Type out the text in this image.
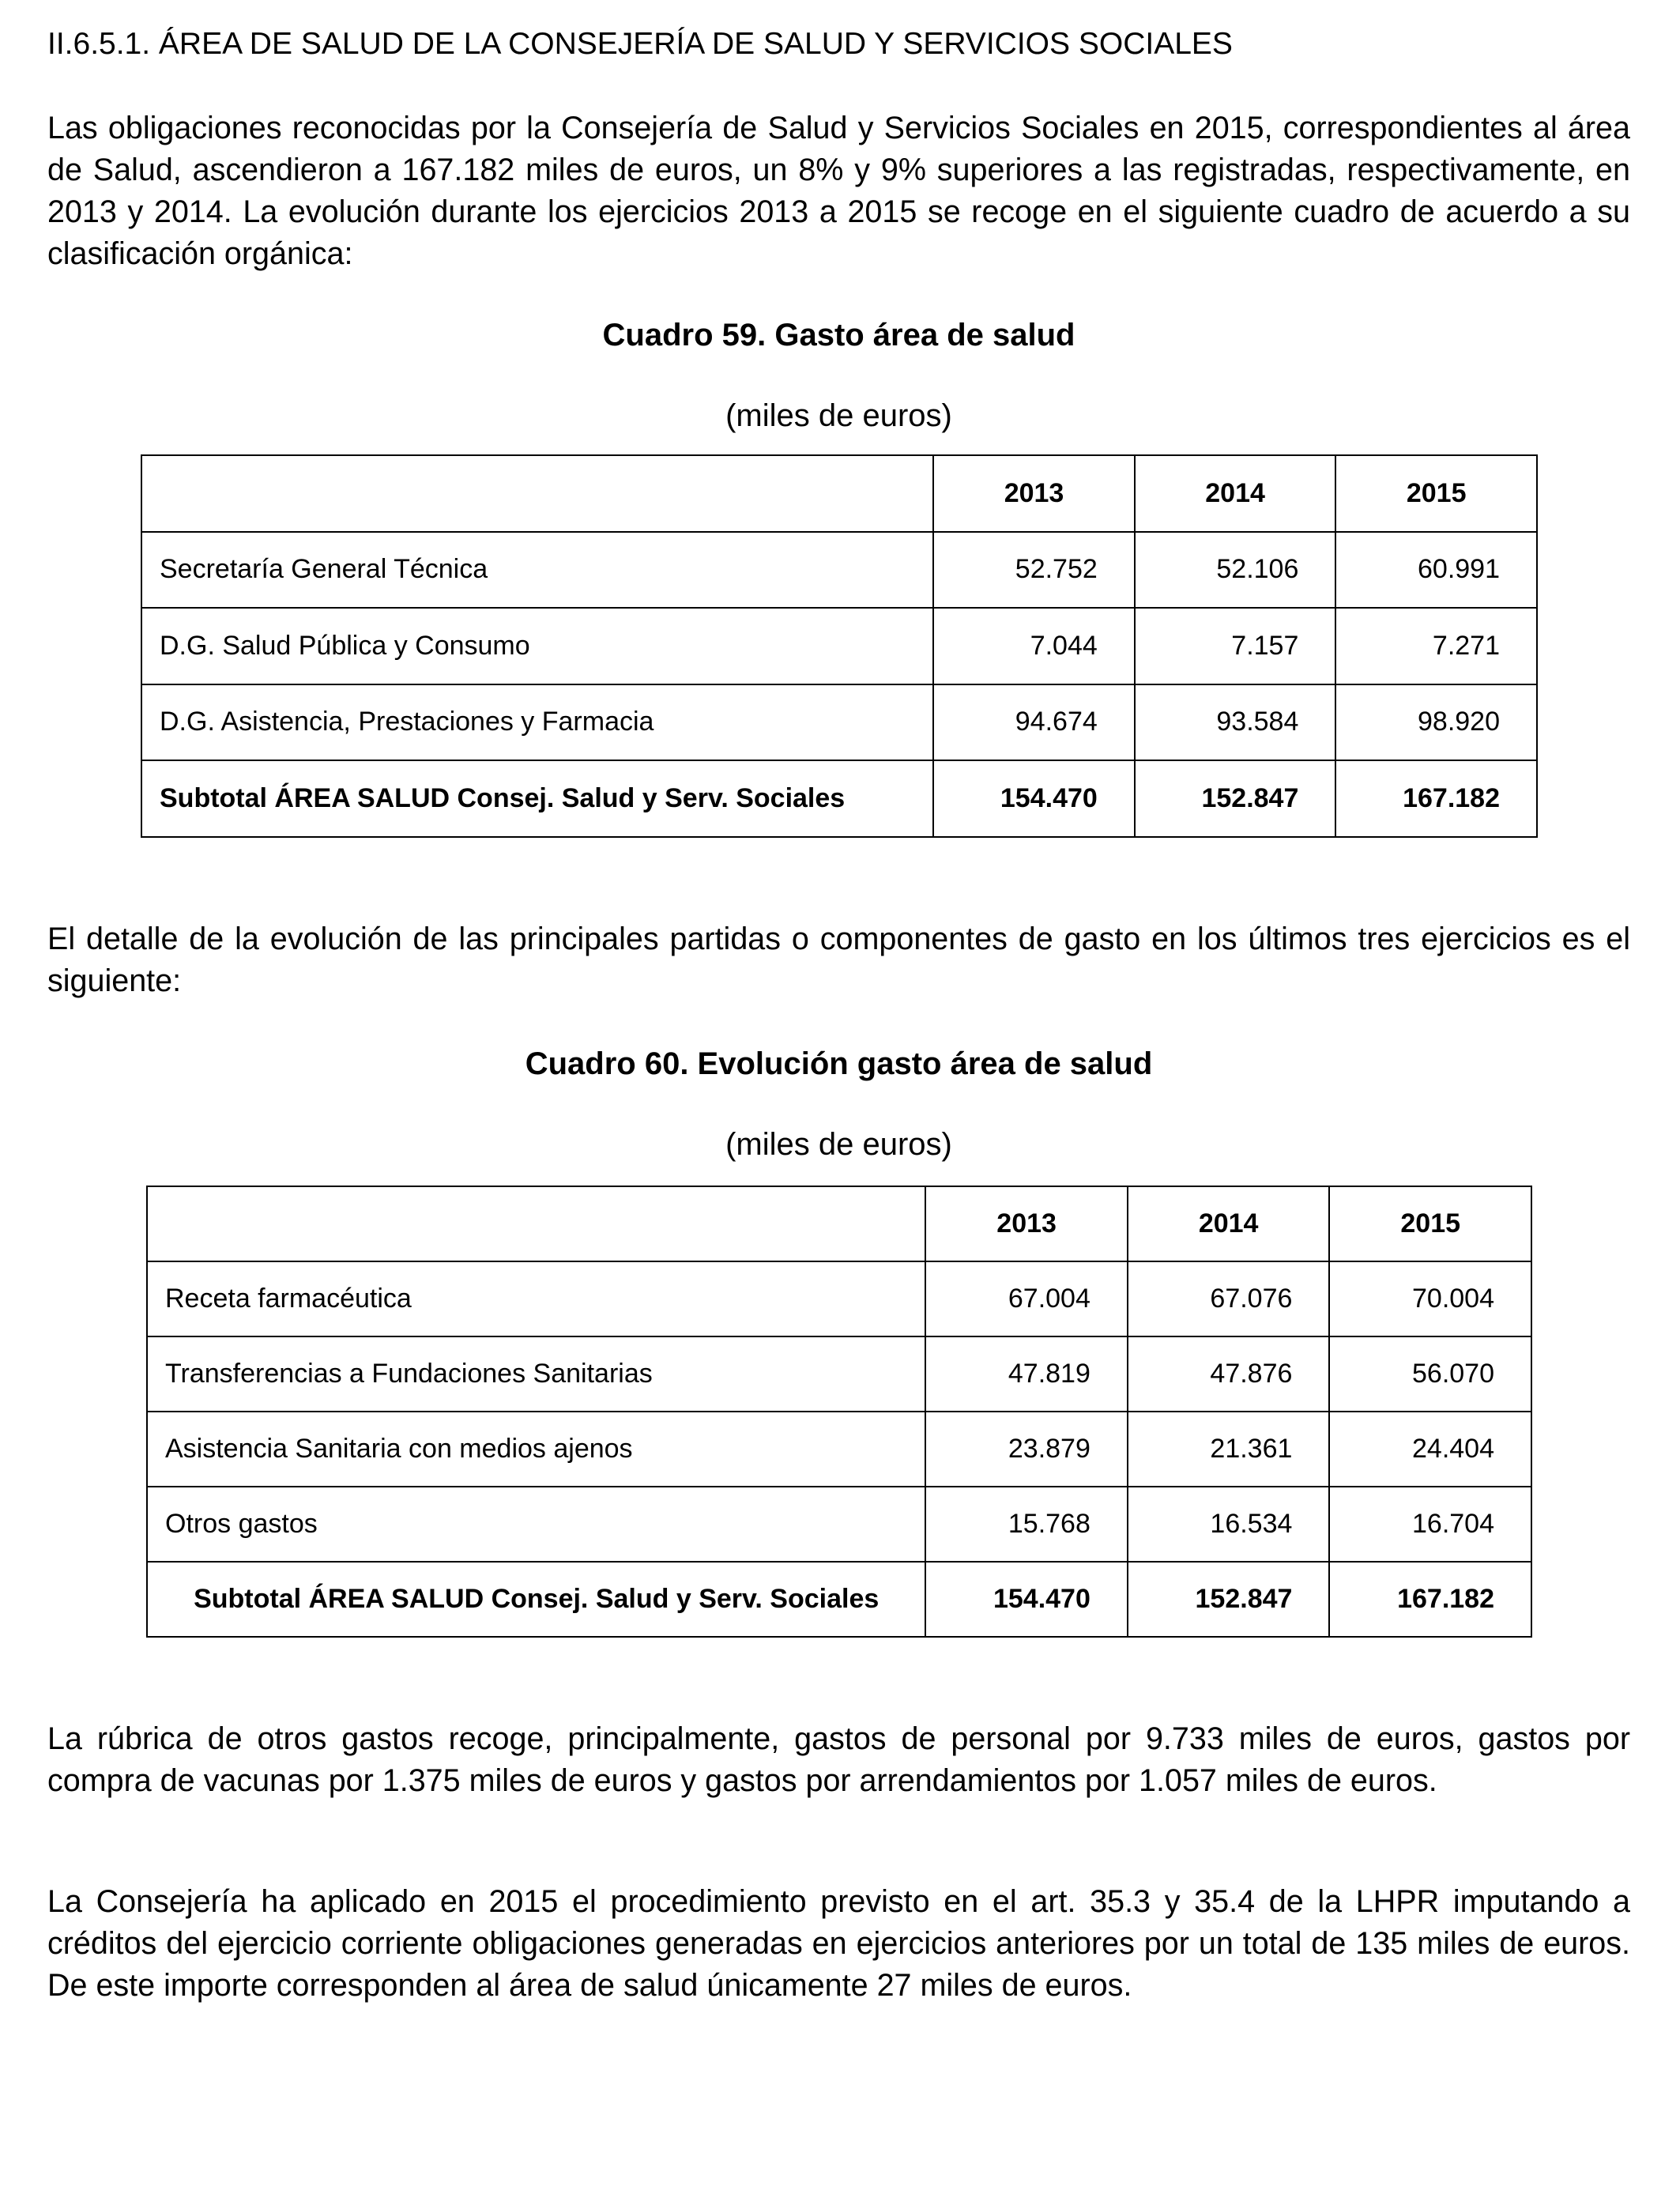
II.6.5.1. ÁREA DE SALUD DE LA CONSEJERÍA DE SALUD Y SERVICIOS SOCIALES

Las obligaciones reconocidas por la Consejería de Salud y Servicios Sociales en 2015, correspondientes al área de Salud, ascendieron a 167.182 miles de euros, un 8% y 9% superiores a las registradas, respectivamente, en 2013 y 2014. La evolución durante los ejercicios 2013 a 2015 se recoge en el siguiente cuadro de acuerdo a su clasificación orgánica:

Cuadro 59. Gasto área de salud

(miles de euros)

	2013	2014	2015
Secretaría General Técnica	52.752	52.106	60.991
D.G. Salud Pública y Consumo	7.044	7.157	7.271
D.G. Asistencia, Prestaciones y Farmacia	94.674	93.584	98.920
Subtotal ÁREA SALUD Consej. Salud y Serv. Sociales	154.470	152.847	167.182

El detalle de la evolución de las principales partidas o componentes de gasto en los últimos tres ejercicios es el siguiente:

Cuadro 60. Evolución gasto área de salud

(miles de euros)

	2013	2014	2015
Receta farmacéutica	67.004	67.076	70.004
Transferencias a Fundaciones Sanitarias	47.819	47.876	56.070
Asistencia Sanitaria con medios ajenos	23.879	21.361	24.404
Otros gastos	15.768	16.534	16.704
Subtotal ÁREA SALUD Consej. Salud y Serv. Sociales	154.470	152.847	167.182

La rúbrica de otros gastos recoge, principalmente, gastos de personal por 9.733 miles de euros, gastos por compra de vacunas por 1.375 miles de euros y gastos por arrendamientos por 1.057 miles de euros.

La Consejería ha aplicado en 2015 el procedimiento previsto en el art. 35.3 y 35.4 de la LHPR imputando a créditos del ejercicio corriente obligaciones generadas en ejercicios anteriores por un total de 135 miles de euros. De este importe corresponden al área de salud únicamente 27 miles de euros.
